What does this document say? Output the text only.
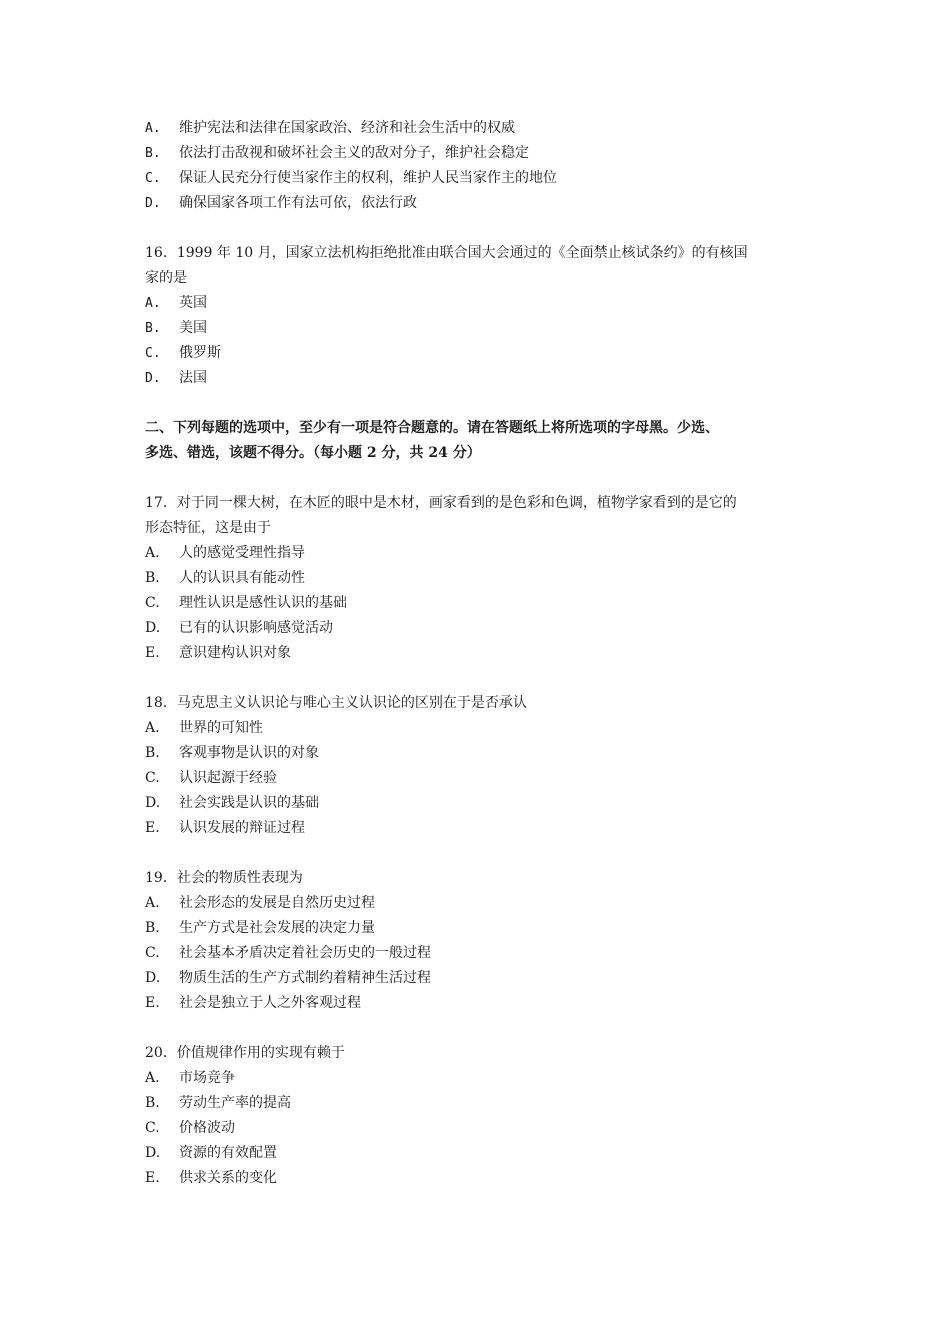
A.	维护宪法和法律在国家政治、经济和社会生活中的权威
B.	依法打击敌视和破坏社会主义的敌对分子，维护社会稳定
C.	保证人民充分行使当家作主的权利，维护人民当家作主的地位
D.	确保国家各项工作有法可依，依法行政
16．1999 年 10 月，国家立法机构拒绝批准由联合国大会通过的《全面禁止核试条约》的有核国
家的是
A.	英国
B.	美国
C.	俄罗斯
D.	法国
二、下列每题的选项中，至少有一项是符合题意的。请在答题纸上将所选项的字母黑。少选、
多选、错选，该题不得分。（每小题 2 分，共 24 分）
17．对于同一棵大树，在木匠的眼中是木材，画家看到的是色彩和色调，植物学家看到的是它的
形态特征，这是由于
A.	人的感觉受理性指导
B.	人的认识具有能动性
C.	理性认识是感性认识的基础
D.	已有的认识影响感觉活动
E.	意识建构认识对象
18．马克思主义认识论与唯心主义认识论的区别在于是否承认
A.	世界的可知性
B.	客观事物是认识的对象
C.	认识起源于经验
D.	社会实践是认识的基础
E.	认识发展的辩证过程
19．社会的物质性表现为
A.	社会形态的发展是自然历史过程
B.	生产方式是社会发展的决定力量
C.	社会基本矛盾决定着社会历史的一般过程
D.	物质生活的生产方式制约着精神生活过程
E.	社会是独立于人之外客观过程
20．价值规律作用的实现有赖于
A.	市场竞争
B.	劳动生产率的提高
C.	价格波动
D.	资源的有效配置
E.	供求关系的变化
